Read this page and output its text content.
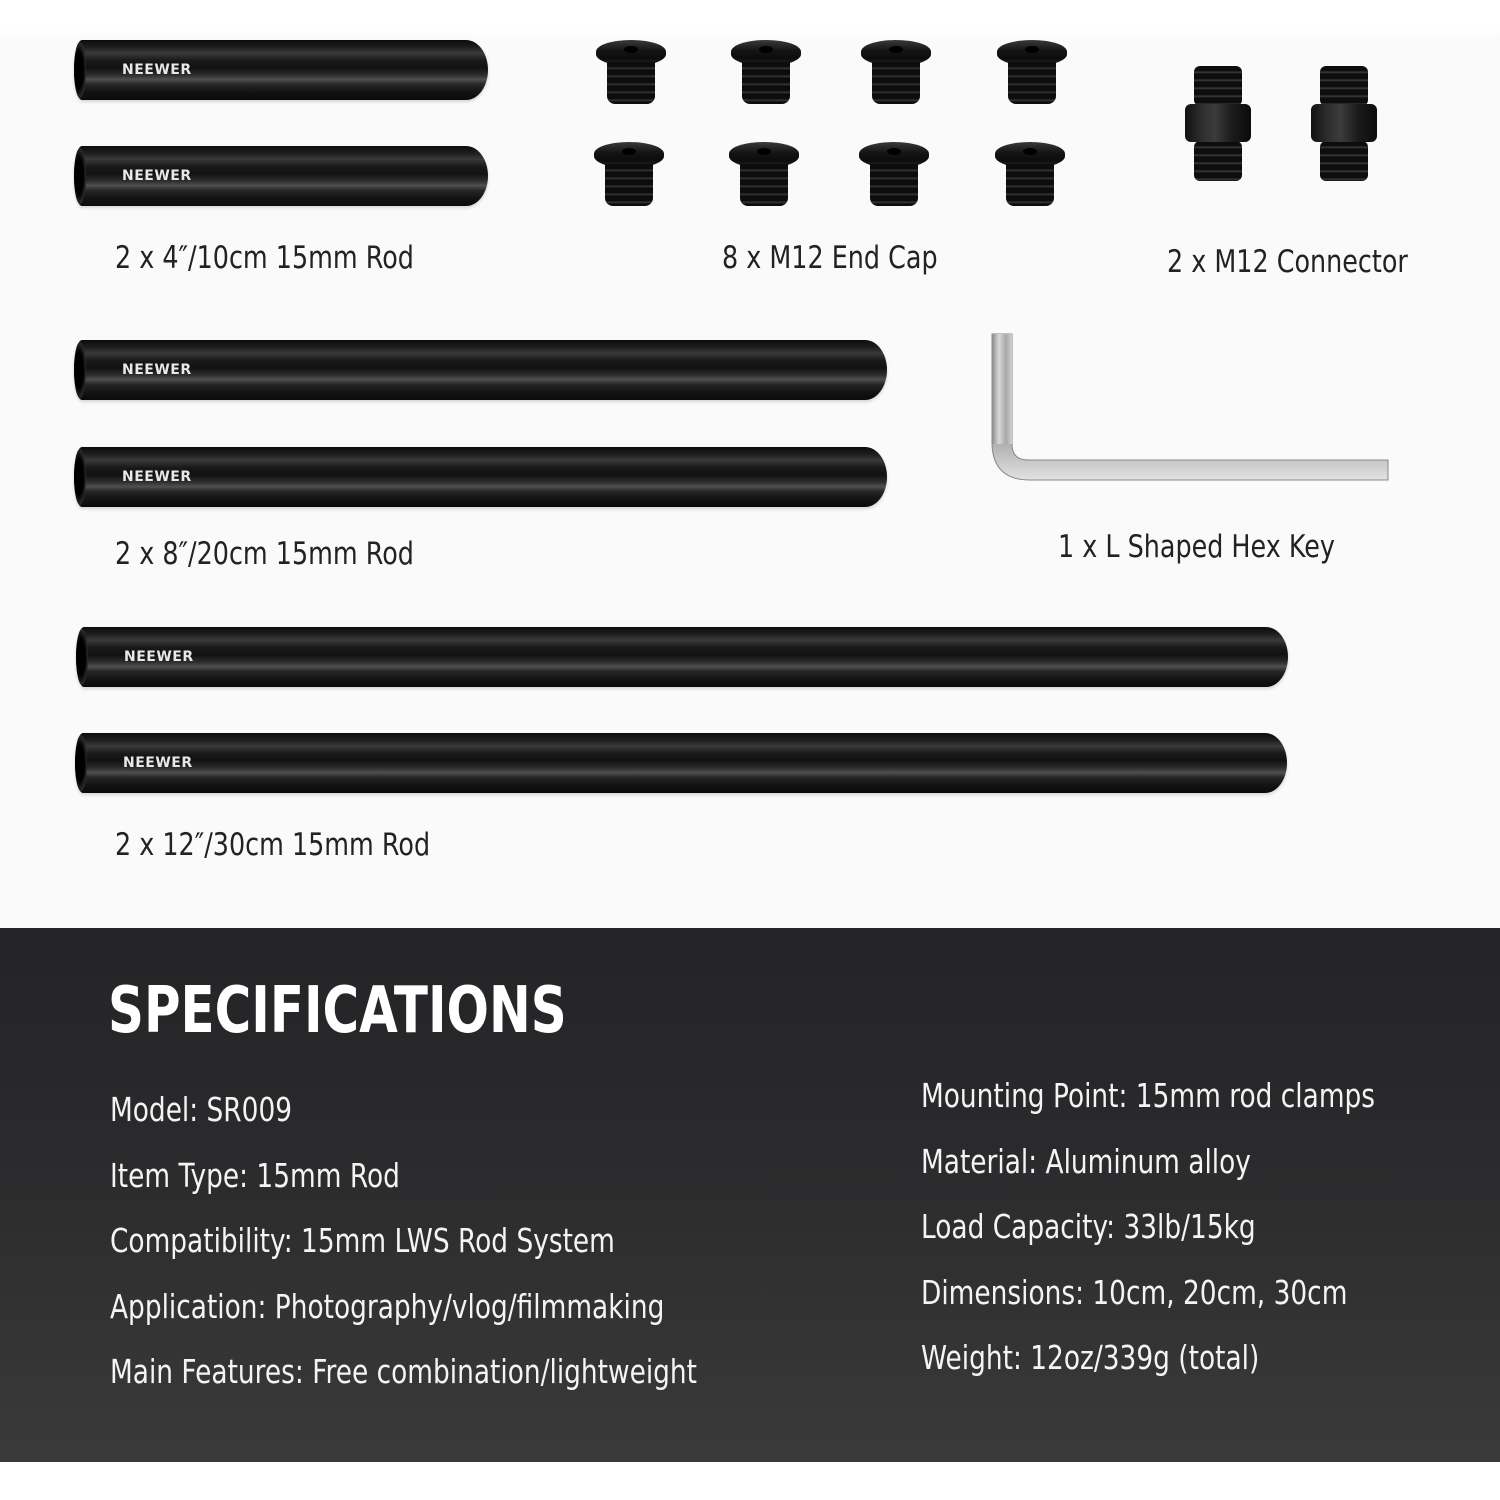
NEEWER
NEEWER
2 x 4″/10cm 15mm Rod	8 x M12 End Cap	2 x M12 Connector
NEEWER
NEEWER
2 x 8″/20cm 15mm Rod	1 x L Shaped Hex Key
NEEWER
NEEWER
2 x 12″/30cm 15mm Rod
SPECIFICATIONS
Model: SR009
Item Type: 15mm Rod
Compatibility: 15mm LWS Rod System
Application: Photography/vlog/filmmaking
Main Features: Free combination/lightweight
Mounting Point: 15mm rod clamps
Material: Aluminum alloy
Load Capacity: 33lb/15kg
Dimensions: 10cm, 20cm, 30cm
Weight: 12oz/339g (total)
